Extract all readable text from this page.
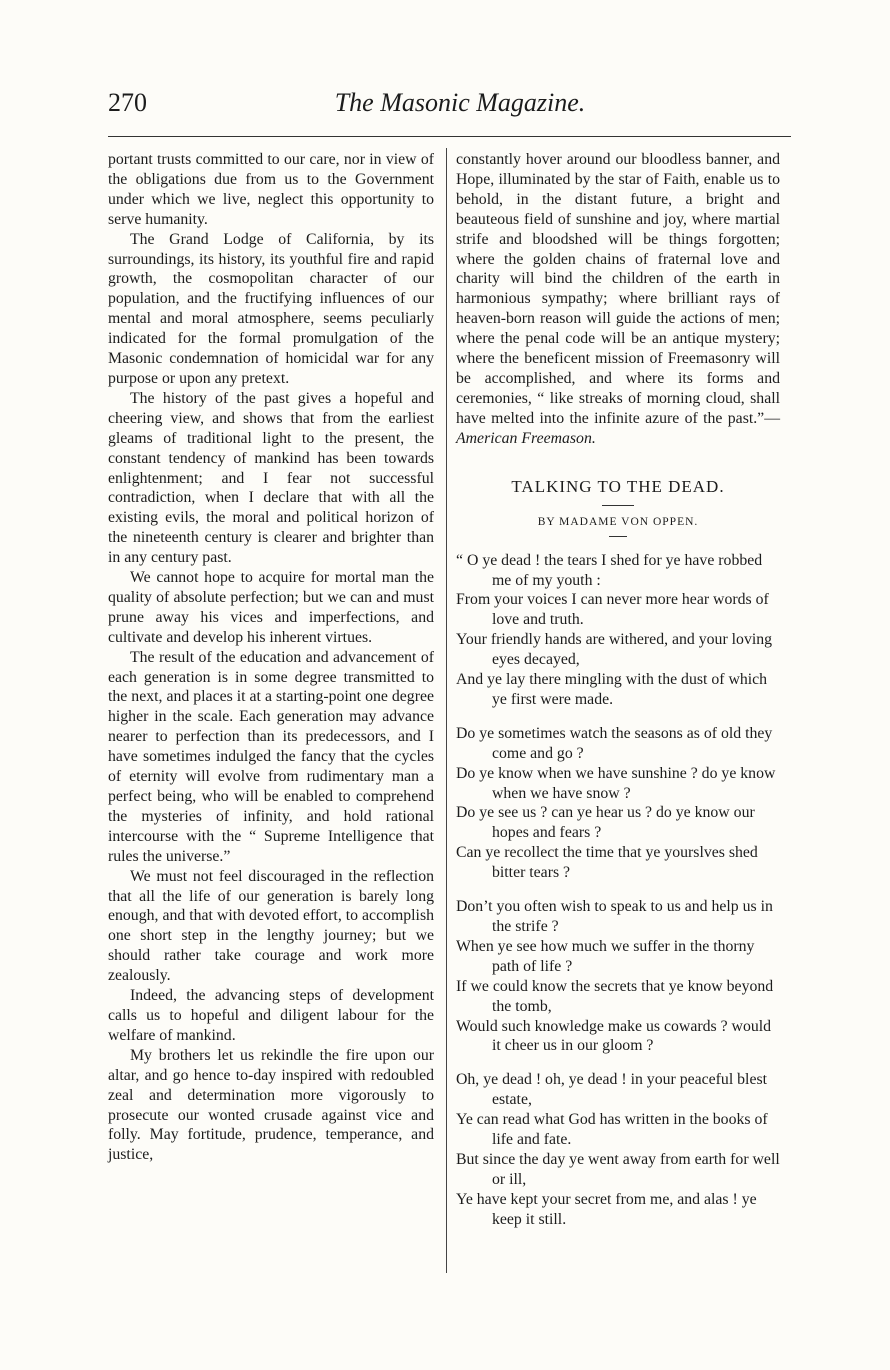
270	The Masonic Magazine.

portant trusts committed to our care, nor in view of the obligations due from us to the Government under which we live, neglect this opportunity to serve humanity.

The Grand Lodge of California, by its surroundings, its history, its youthful fire and rapid growth, the cosmopolitan character of our population, and the fructifying influences of our mental and moral atmosphere, seems peculiarly indicated for the formal promulgation of the Masonic condemnation of homicidal war for any purpose or upon any pretext.

The history of the past gives a hopeful and cheering view, and shows that from the earliest gleams of traditional light to the present, the constant tendency of mankind has been towards enlightenment; and I fear not successful contradiction, when I declare that with all the existing evils, the moral and political horizon of the nineteenth century is clearer and brighter than in any century past.

We cannot hope to acquire for mortal man the quality of absolute perfection; but we can and must prune away his vices and imperfections, and cultivate and develop his inherent virtues.

The result of the education and advancement of each generation is in some degree transmitted to the next, and places it at a starting-point one degree higher in the scale. Each generation may advance nearer to perfection than its predecessors, and I have sometimes indulged the fancy that the cycles of eternity will evolve from rudimentary man a perfect being, who will be enabled to comprehend the mysteries of infinity, and hold rational intercourse with the “ Supreme Intelligence that rules the universe.”

We must not feel discouraged in the reflection that all the life of our generation is barely long enough, and that with devoted effort, to accomplish one short step in the lengthy journey; but we should rather take courage and work more zealously.

Indeed, the advancing steps of development calls us to hopeful and diligent labour for the welfare of mankind.

My brothers let us rekindle the fire upon our altar, and go hence to-day inspired with redoubled zeal and determination more vigorously to prosecute our wonted crusade against vice and folly. May fortitude, prudence, temperance, and justice,

constantly hover around our bloodless banner, and Hope, illuminated by the star of Faith, enable us to behold, in the distant future, a bright and beauteous field of sunshine and joy, where martial strife and bloodshed will be things forgotten; where the golden chains of fraternal love and charity will bind the children of the earth in harmonious sympathy; where brilliant rays of heaven-born reason will guide the actions of men; where the penal code will be an antique mystery; where the beneficent mission of Freemasonry will be accomplished, and where its forms and ceremonies, “ like streaks of morning cloud, shall have melted into the infinite azure of the past.”—American Freemason.

TALKING TO THE DEAD.
BY MADAME VON OPPEN.
“ O ye dead ! the tears I shed for ye have robbed me of my youth :
From your voices I can never more hear words of love and truth.
Your friendly hands are withered, and your loving eyes decayed,
And ye lay there mingling with the dust of which ye first were made.
Do ye sometimes watch the seasons as of old they come and go ?
Do ye know when we have sunshine ? do ye know when we have snow ?
Do ye see us ? can ye hear us ? do ye know our hopes and fears ?
Can ye recollect the time that ye yourslves shed bitter tears ?
Don’t you often wish to speak to us and help us in the strife ?
When ye see how much we suffer in the thorny path of life ?
If we could know the secrets that ye know beyond the tomb,
Would such knowledge make us cowards ? would it cheer us in our gloom ?
Oh, ye dead ! oh, ye dead ! in your peaceful blest estate,
Ye can read what God has written in the books of life and fate.
But since the day ye went away from earth for well or ill,
Ye have kept your secret from me, and alas ! ye keep it still.
